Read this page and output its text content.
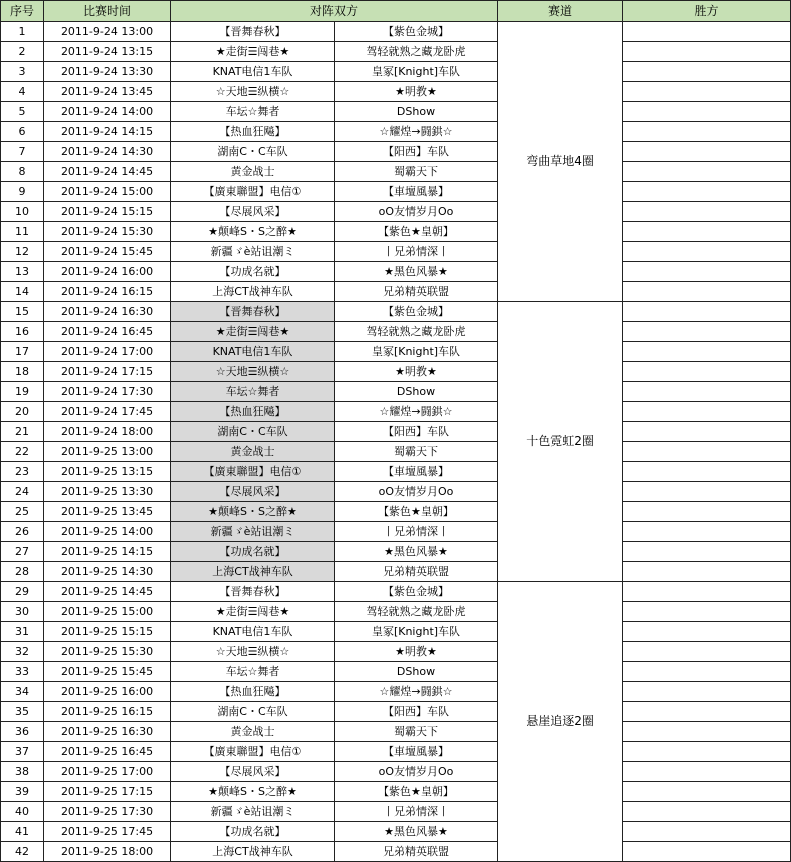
序号	比赛时间	对阵双方		赛道	胜方
1	2011-9-24 13:00	【晋舞春秋】	【紫色金城】	弯曲草地4圈	
2	2011-9-24 13:15	★走街☰闯巷★	驾轻就熟之藏龙卧虎		
3	2011-9-24 13:30	KNAT电信1车队	皇冢[Knight]车队		
4	2011-9-24 13:45	☆天地☰纵横☆	★明教★		
5	2011-9-24 14:00	车坛☆舞者	DShow		
6	2011-9-24 14:15	【热血狂飚】	☆耀煌→闘鉷☆		
7	2011-9-24 14:30	湖南C・C车队	【阳西】车队		
8	2011-9-24 14:45	黄金战士	蜀霸天下		
9	2011-9-24 15:00	【廣東聯盟】电信①	【車壇風暴】		
10	2011-9-24 15:15	【尽展风采】	oO友情岁月Oo		
11	2011-9-24 15:30	★颠峰S・S之醉★	【紫色★皇朝】		
12	2011-9-24 15:45	新疆ゞè站诅潮ミ	丨兄弟情深丨		
13	2011-9-24 16:00	【功成名就】	★黑色风暴★		
14	2011-9-24 16:15	上海CT战神车队	兄弟精英联盟		
15	2011-9-24 16:30	【晋舞春秋】	【紫色金城】	十色霓虹2圈	
16	2011-9-24 16:45	★走街☰闯巷★	驾轻就熟之藏龙卧虎		
17	2011-9-24 17:00	KNAT电信1车队	皇冢[Knight]车队		
18	2011-9-24 17:15	☆天地☰纵横☆	★明教★		
19	2011-9-24 17:30	车坛☆舞者	DShow		
20	2011-9-24 17:45	【热血狂飚】	☆耀煌→闘鉷☆		
21	2011-9-24 18:00	湖南C・C车队	【阳西】车队		
22	2011-9-25 13:00	黄金战士	蜀霸天下		
23	2011-9-25 13:15	【廣東聯盟】电信①	【車壇風暴】		
24	2011-9-25 13:30	【尽展风采】	oO友情岁月Oo		
25	2011-9-25 13:45	★颠峰S・S之醉★	【紫色★皇朝】		
26	2011-9-25 14:00	新疆ゞè站诅潮ミ	丨兄弟情深丨		
27	2011-9-25 14:15	【功成名就】	★黑色风暴★		
28	2011-9-25 14:30	上海CT战神车队	兄弟精英联盟		
29	2011-9-25 14:45	【晋舞春秋】	【紫色金城】	悬崖追逐2圈	
30	2011-9-25 15:00	★走街☰闯巷★	驾轻就熟之藏龙卧虎		
31	2011-9-25 15:15	KNAT电信1车队	皇冢[Knight]车队		
32	2011-9-25 15:30	☆天地☰纵横☆	★明教★		
33	2011-9-25 15:45	车坛☆舞者	DShow		
34	2011-9-25 16:00	【热血狂飚】	☆耀煌→闘鉷☆		
35	2011-9-25 16:15	湖南C・C车队	【阳西】车队		
36	2011-9-25 16:30	黄金战士	蜀霸天下		
37	2011-9-25 16:45	【廣東聯盟】电信①	【車壇風暴】		
38	2011-9-25 17:00	【尽展风采】	oO友情岁月Oo		
39	2011-9-25 17:15	★颠峰S・S之醉★	【紫色★皇朝】		
40	2011-9-25 17:30	新疆ゞè站诅潮ミ	丨兄弟情深丨		
41	2011-9-25 17:45	【功成名就】	★黑色风暴★		
42	2011-9-25 18:00	上海CT战神车队	兄弟精英联盟		
